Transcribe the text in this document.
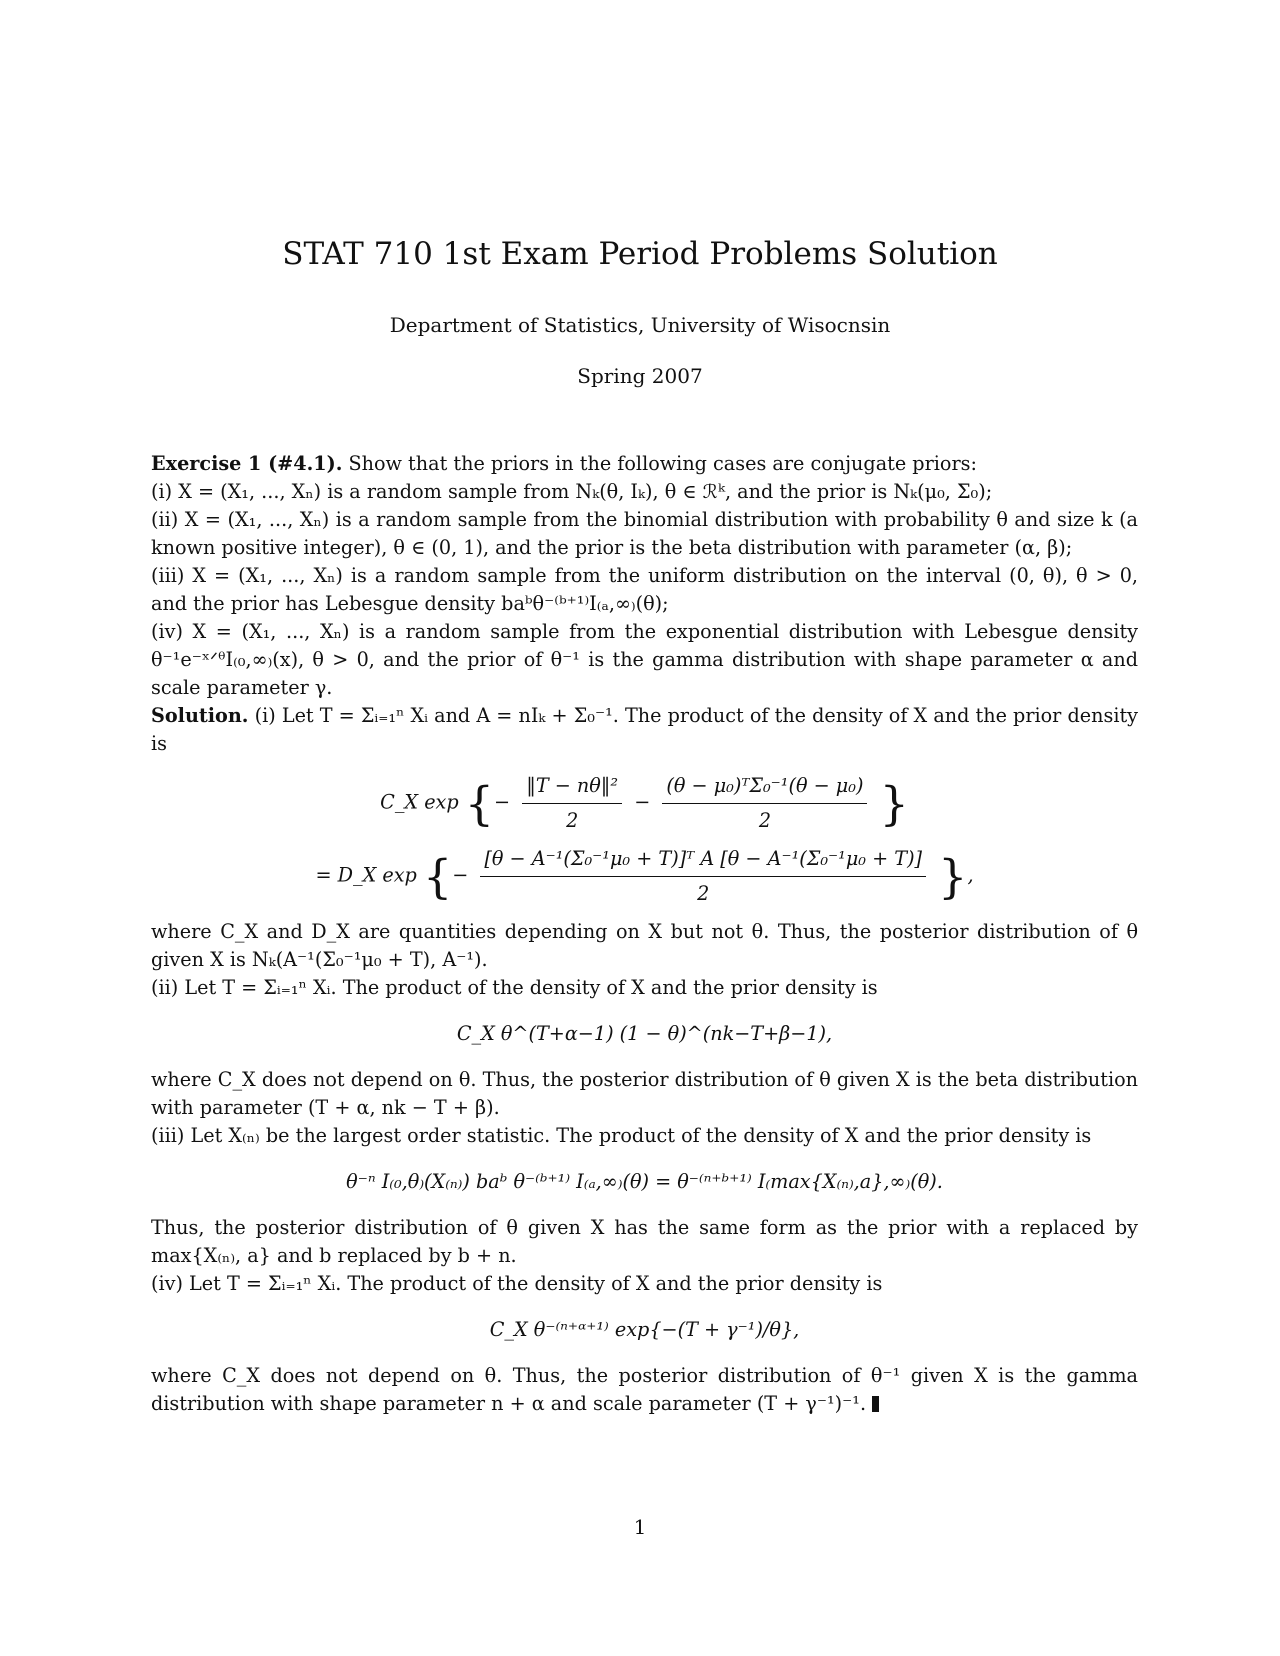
STAT 710 1st Exam Period Problems Solution
Department of Statistics, University of Wisocnsin
Spring 2007

Exercise 1 (#4.1). Show that the priors in the following cases are conjugate priors:

(i) X = (X₁, ..., Xₙ) is a random sample from Nₖ(θ, Iₖ), θ ∈ ℛᵏ, and the prior is Nₖ(μ₀, Σ₀);

(ii) X = (X₁, ..., Xₙ) is a random sample from the binomial distribution with probability θ and size k (a known positive integer), θ ∈ (0, 1), and the prior is the beta distribution with parameter (α, β);

(iii) X = (X₁, ..., Xₙ) is a random sample from the uniform distribution on the interval (0, θ), θ > 0, and the prior has Lebesgue density baᵇθ⁻⁽ᵇ⁺¹⁾I₍ₐ,∞₎(θ);

(iv) X = (X₁, ..., Xₙ) is a random sample from the exponential distribution with Lebesgue density θ⁻¹e⁻ˣᐟᶿI₍₀,∞₎(x), θ > 0, and the prior of θ⁻¹ is the gamma distribution with shape parameter α and scale parameter γ.

Solution. (i) Let T = Σᵢ₌₁ⁿ Xᵢ and A = nIₖ + Σ₀⁻¹. The product of the density of X and the prior density is

C_X exp {− $\frac{\text{‖T − nθ‖²}}{2} - \frac{\text{(θ − μ₀)ᵀΣ₀⁻¹(θ − μ₀)}}{2}$ }
= D_X exp {− $\frac{\text{[θ − A⁻¹(Σ₀⁻¹μ₀ + T)]ᵀ A [θ − A⁻¹(Σ₀⁻¹μ₀ + T)]}}{2}$ },

where C_X and D_X are quantities depending on X but not θ. Thus, the posterior distribution of θ given X is Nₖ(A⁻¹(Σ₀⁻¹μ₀ + T), A⁻¹).

(ii) Let T = Σᵢ₌₁ⁿ Xᵢ. The product of the density of X and the prior density is

C_X θ^(T+α−1) (1 − θ)^(nk−T+β−1),

where C_X does not depend on θ. Thus, the posterior distribution of θ given X is the beta distribution with parameter (T + α, nk − T + β).

(iii) Let X₍ₙ₎ be the largest order statistic. The product of the density of X and the prior density is

θ⁻ⁿ I₍₀,θ₎(X₍ₙ₎) baᵇ θ⁻⁽ᵇ⁺¹⁾ I₍ₐ,∞₎(θ) = θ⁻⁽ⁿ⁺ᵇ⁺¹⁾ I₍max{X₍ₙ₎,a},∞₎(θ).

Thus, the posterior distribution of θ given X has the same form as the prior with a replaced by max{X₍ₙ₎, a} and b replaced by b + n.

(iv) Let T = Σᵢ₌₁ⁿ Xᵢ. The product of the density of X and the prior density is

C_X θ⁻⁽ⁿ⁺ᵅ⁺¹⁾ exp{−(T + γ⁻¹)/θ},

where C_X does not depend on θ. Thus, the posterior distribution of θ⁻¹ given X is the gamma distribution with shape parameter n + α and scale parameter (T + γ⁻¹)⁻¹.

1
